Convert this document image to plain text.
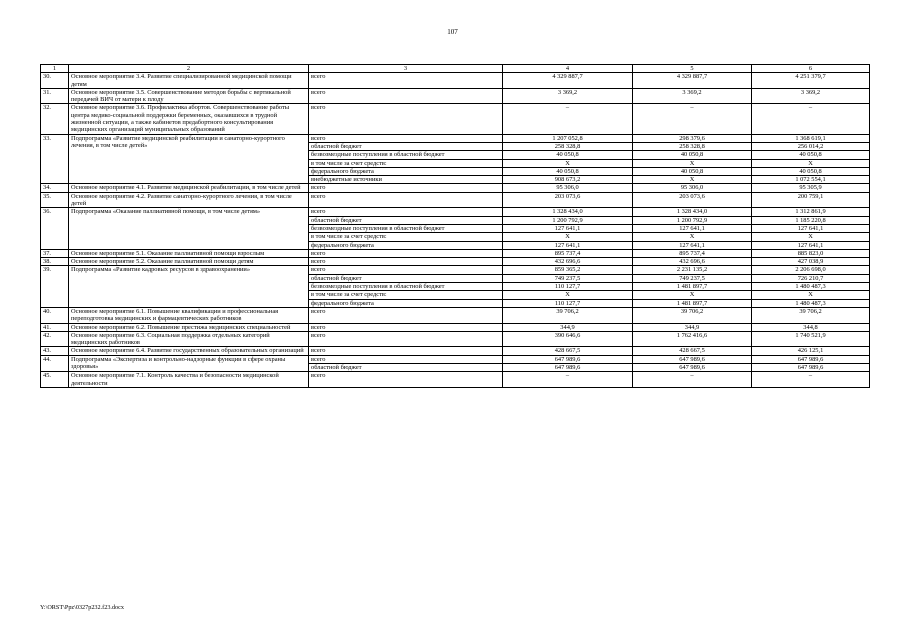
107
1	2	3	4	5	6
30.	Основное мероприятие 3.4. Развитие специализированной медицинской помощи детям	всего	4 329 887,7	4 329 887,7	4 251 379,7
31.	Основное мероприятие 3.5. Совершенствование методов борьбы с вертикальной передачей ВИЧ от матери к плоду	всего	3 369,2	3 369,2	3 369,2
32.	Основное мероприятие 3.6. Профилактика абортов. Совершенствование работы центра медико-социальной поддержки беременных, оказавшихся в трудной жизненной ситуации, а также кабинетов предабортного консультирования медицинских организаций муниципальных образований	всего	–	–	–
33.	Подпрограмма «Развитие медицинской реабилитации и санаторно-курортного лечения, в том числе детей»	всего	1 207 052,8	298 379,6	1 368 619,1
		областной бюджет	258 328,8	258 328,8	256 014,2
		безвозмездные поступления в областной бюджет	40 050,8	40 050,8	40 050,8
		в том числе за счет средств:	Х	Х	Х
		федерального бюджета	40 050,8	40 050,8	40 050,8
		внебюджетные источники	908 673,2	Х	1 072 554,1
34.	Основное мероприятие 4.1. Развитие медицинской реабилитации, в том числе детей	всего	95 306,0	95 306,0	95 305,9
35.	Основное мероприятие 4.2. Развитие санаторно-курортного лечения, в том числе детей	всего	203 073,6	203 073,6	200 759,1
36.	Подпрограмма «Оказание паллиативной помощи, в том числе детям»	всего	1 328 434,0	1 328 434,0	1 312 861,9
		областной бюджет	1 200 792,9	1 200 792,9	1 185 220,8
		безвозмездные поступления в областной бюджет	127 641,1	127 641,1	127 641,1
		в том числе за счет средств:	Х	Х	Х
		федерального бюджета	127 641,1	127 641,1	127 641,1
37.	Основное мероприятие 5.1. Оказание паллиативной помощи взрослым	всего	895 737,4	895 737,4	885 823,0
38.	Основное мероприятие 5.2. Оказание паллиативной помощи детям	всего	432 696,6	432 696,6	427 038,9
39.	Подпрограмма «Развитие кадровых ресурсов в здравоохранении»	всего	859 365,2	2 231 135,2	2 206 698,0
		областной бюджет	749 237,5	749 237,5	726 210,7
		безвозмездные поступления в областной бюджет	110 127,7	1 481 897,7	1 480 487,3
		в том числе за счет средств:	Х	Х	Х
		федерального бюджета	110 127,7	1 481 897,7	1 480 487,3
40.	Основное мероприятие 6.1. Повышение квалификации и профессиональная переподготовка медицинских и фармацевтических работников	всего	39 706,2	39 706,2	39 706,2
41.	Основное мероприятие 6.2. Повышение престижа медицинских специальностей	всего	344,9	344,9	344,8
42.	Основное мероприятие 6.3. Социальная поддержка отдельных категорий медицинских работников	всего	390 646,6	1 762 416,6	1 740 521,9
43.	Основное мероприятие 6.4. Развитие государственных образовательных организаций	всего	428 667,5	428 667,5	426 125,1
44.	Подпрограмма «Экспертиза и контрольно-надзорные функции в сфере охраны здоровья»	всего	647 989,6	647 989,6	647 989,6
		областной бюджет	647 989,6	647 989,6	647 989,6
45.	Основное мероприятие 7.1. Контроль качества и безопасности медицинской деятельности	всего	–	–	–
Y:\ORST\Ppz\0327p232.f23.docx
